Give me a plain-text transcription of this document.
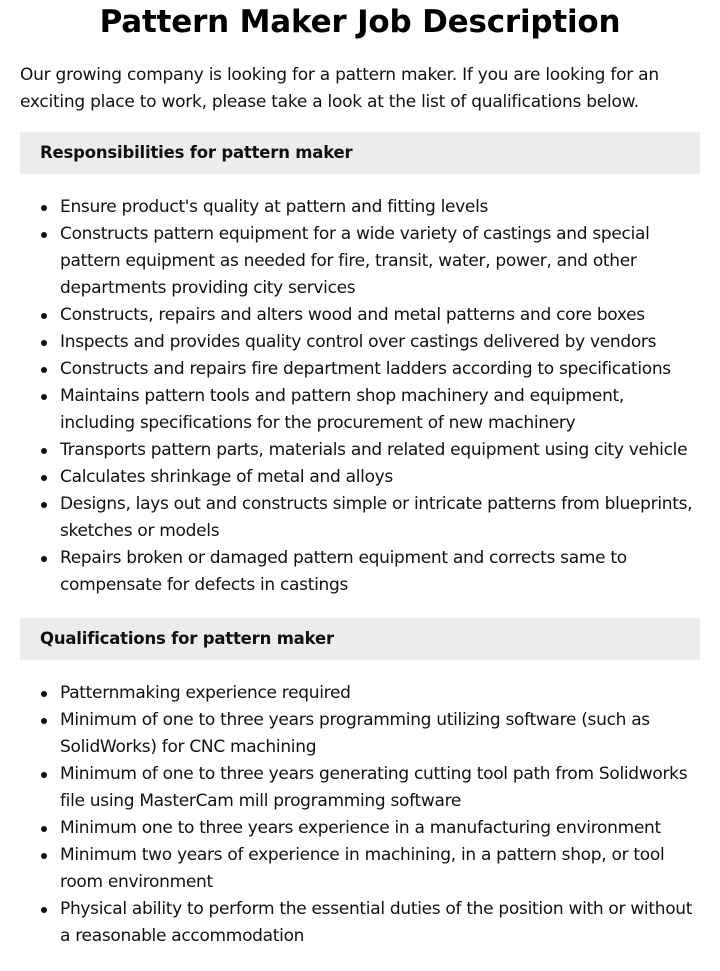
Pattern Maker Job Description

Our growing company is looking for a pattern maker. If you are looking for an exciting place to work, please take a look at the list of qualifications below.

Responsibilities for pattern maker
Ensure product's quality at pattern and fitting levels
Constructs pattern equipment for a wide variety of castings and special pattern equipment as needed for fire, transit, water, power, and other departments providing city services
Constructs, repairs and alters wood and metal patterns and core boxes
Inspects and provides quality control over castings delivered by vendors
Constructs and repairs fire department ladders according to specifications
Maintains pattern tools and pattern shop machinery and equipment, including specifications for the procurement of new machinery
Transports pattern parts, materials and related equipment using city vehicle
Calculates shrinkage of metal and alloys
Designs, lays out and constructs simple or intricate patterns from blueprints, sketches or models
Repairs broken or damaged pattern equipment and corrects same to compensate for defects in castings
Qualifications for pattern maker
Patternmaking experience required
Minimum of one to three years programming utilizing software (such as SolidWorks) for CNC machining
Minimum of one to three years generating cutting tool path from Solidworks file using MasterCam mill programming software
Minimum one to three years experience in a manufacturing environment
Minimum two years of experience in machining, in a pattern shop, or tool room environment
Physical ability to perform the essential duties of the position with or without a reasonable accommodation
